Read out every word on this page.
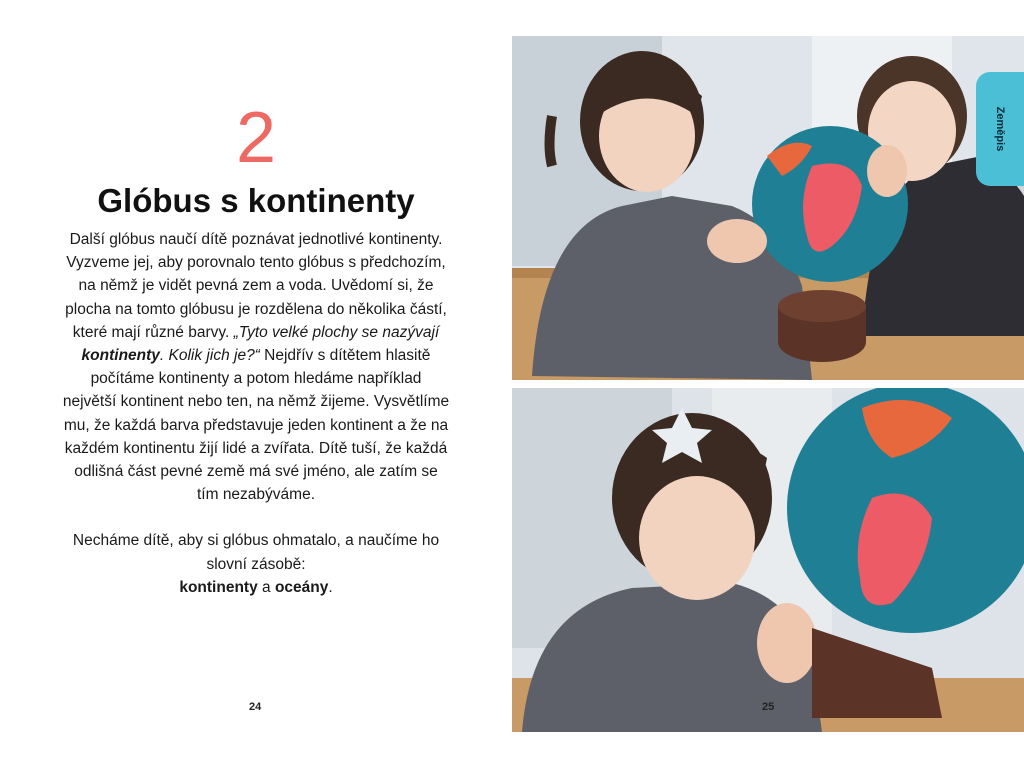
2
Glóbus s kontinenty

Další glóbus naučí dítě poznávat jednotlivé kontinenty. Vyzveme jej, aby porovnalo tento glóbus s předchozím, na němž je vidět pevná zem a voda. Uvědomí si, že plocha na tomto glóbusu je rozdělena do několika částí, které mají různé barvy. „Tyto velké plochy se nazývají kontinenty. Kolik jich je?“ Nejdřív s dítětem hlasitě počítáme kontinenty a potom hledáme například největší kontinent nebo ten, na němž žijeme. Vysvětlíme mu, že každá barva představuje jeden kontinent a že na každém kontinentu žijí lidé a zvířata. Dítě tuší, že každá odlišná část pevné země má své jméno, ale zatím se tím nezabýváme.

Necháme dítě, aby si glóbus ohmatalo, a naučíme ho slovní zásobě:
kontinenty a oceány.

24
Zeměpis
25
